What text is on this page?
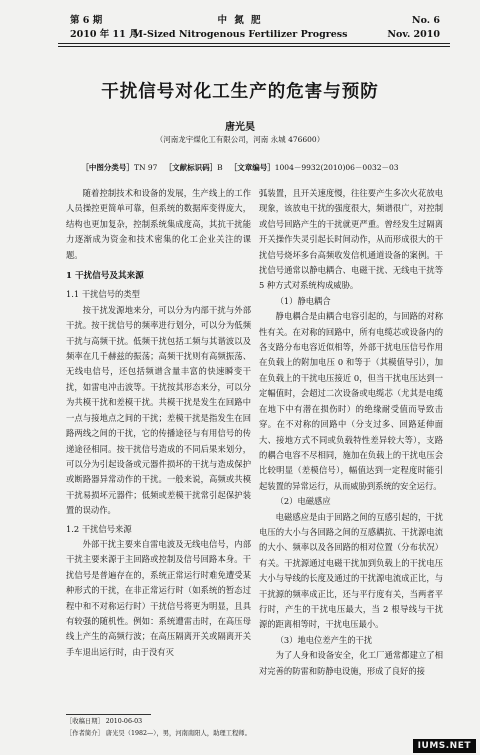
第 6 期
2010 年 11 月
中 氮 肥
M-Sized Nitrogenous Fertilizer Progress
No. 6
Nov. 2010
干扰信号对化工生产的危害与预防
唐光昊
（河南龙宇煤化工有限公司，河南 永城 476600）
［中图分类号］TN 97 ［文献标识码］B ［文章编号］1004－9932(2010)06－0032－03

随着控制技术和设备的发展，生产线上的工作人员操控更简单可靠，但系统的数据库变得庞大，结构也更加复杂，控制系统集成度高，其抗干扰能力逐渐成为资金和技术密集的化工企业关注的课题。

1 干扰信号及其来源
1.1 干扰信号的类型

按干扰发源地来分，可以分为内部干扰与外部干扰。按干扰信号的频率进行划分，可以分为低频干扰与高频干扰。低频干扰包括工频与其谐波以及频率在几千赫兹的振荡；高频干扰则有高频振荡、无线电信号，还包括频谱含量丰富的快速瞬变干扰，如雷电冲击波等。干扰按其形态来分，可以分为共模干扰和差模干扰。共模干扰是发生在回路中一点与接地点之间的干扰；差模干扰是指发生在回路两线之间的干扰，它的传播途径与有用信号的传递途径相同。按干扰信号造成的不同后果来划分，可以分为引起设备或元器件损坏的干扰与造成保护或断路器异常动作的干扰。一般来说，高频或共模干扰易损坏元器件；低频或差模干扰常引起保护装置的误动作。

1.2 干扰信号来源

外部干扰主要来自雷电波及无线电信号，内部干扰主要来源于主回路或控制及信号回路本身。干扰信号是普遍存在的，系统正常运行时难免遭受某种形式的干扰，在非正常运行时（如系统的暂态过程中和不对称运行时）干扰信号将更为明显，且具有较强的随机性。例如：系统遭雷击时，在高压母线上产生的高频行波；在高压隔离开关或隔离开关手车退出运行时，由于没有灭

弧装置，且开关速度慢，往往要产生多次火花放电现象，该放电干扰的强度很大，频谱很广，对控制或信号回路产生的干扰就更严重。曾经发生过隔离开关操作失灵引起长时间动作，从而形成很大的干扰信号烧坏多台高频收发信机通道设备的案例。干扰信号通常以静电耦合、电磁干扰、无线电干扰等 5 种方式对系统构成威胁。

（1）静电耦合

静电耦合是由耦合电容引起的，与回路的对称性有关。在对称的回路中，所有电缆芯或设备内的各支路分布电容近似相等，外部干扰电压信号作用在负载上的附加电压 0 和等于（其模值导引），加在负载上的干扰电压接近 0，但当干扰电压达到一定幅值时，会超过二次设备或电缆芯（尤其是电缆在地下中有潜在损伤时）的绝缘耐受值而导致击穿。在不对称的回路中（分支过多、回路延伸面大、接地方式不同或负载特性差异较大等），支路的耦合电容不尽相同，施加在负载上的干扰电压会比较明显（差模信号），幅值达到一定程度时能引起装置的异常运行，从而威胁到系统的安全运行。

（2）电磁感应

电磁感应是由于回路之间的互感引起的，干扰电压的大小与各回路之间的互感耦抗、干扰源电流的大小、频率以及各回路的相对位置（分布状况）有关。干扰源通过电磁干扰加到负载上的干扰电压大小与导线的长度及通过的干扰源电流成正比，与干扰源的频率成正比，还与平行度有关，当两者平行时，产生的干扰电压最大，当 2 根导线与干扰源的距离相等时，干扰电压最小。

（3）地电位差产生的干扰

为了人身和设备安全，化工厂通常都建立了相对完善的防雷和防静电设施，形成了良好的接

［收稿日期］ 2010-06-03
［作者简介］ 唐光昊（1982—），男，河南南阳人，助理工程师。
IUMS.NET
